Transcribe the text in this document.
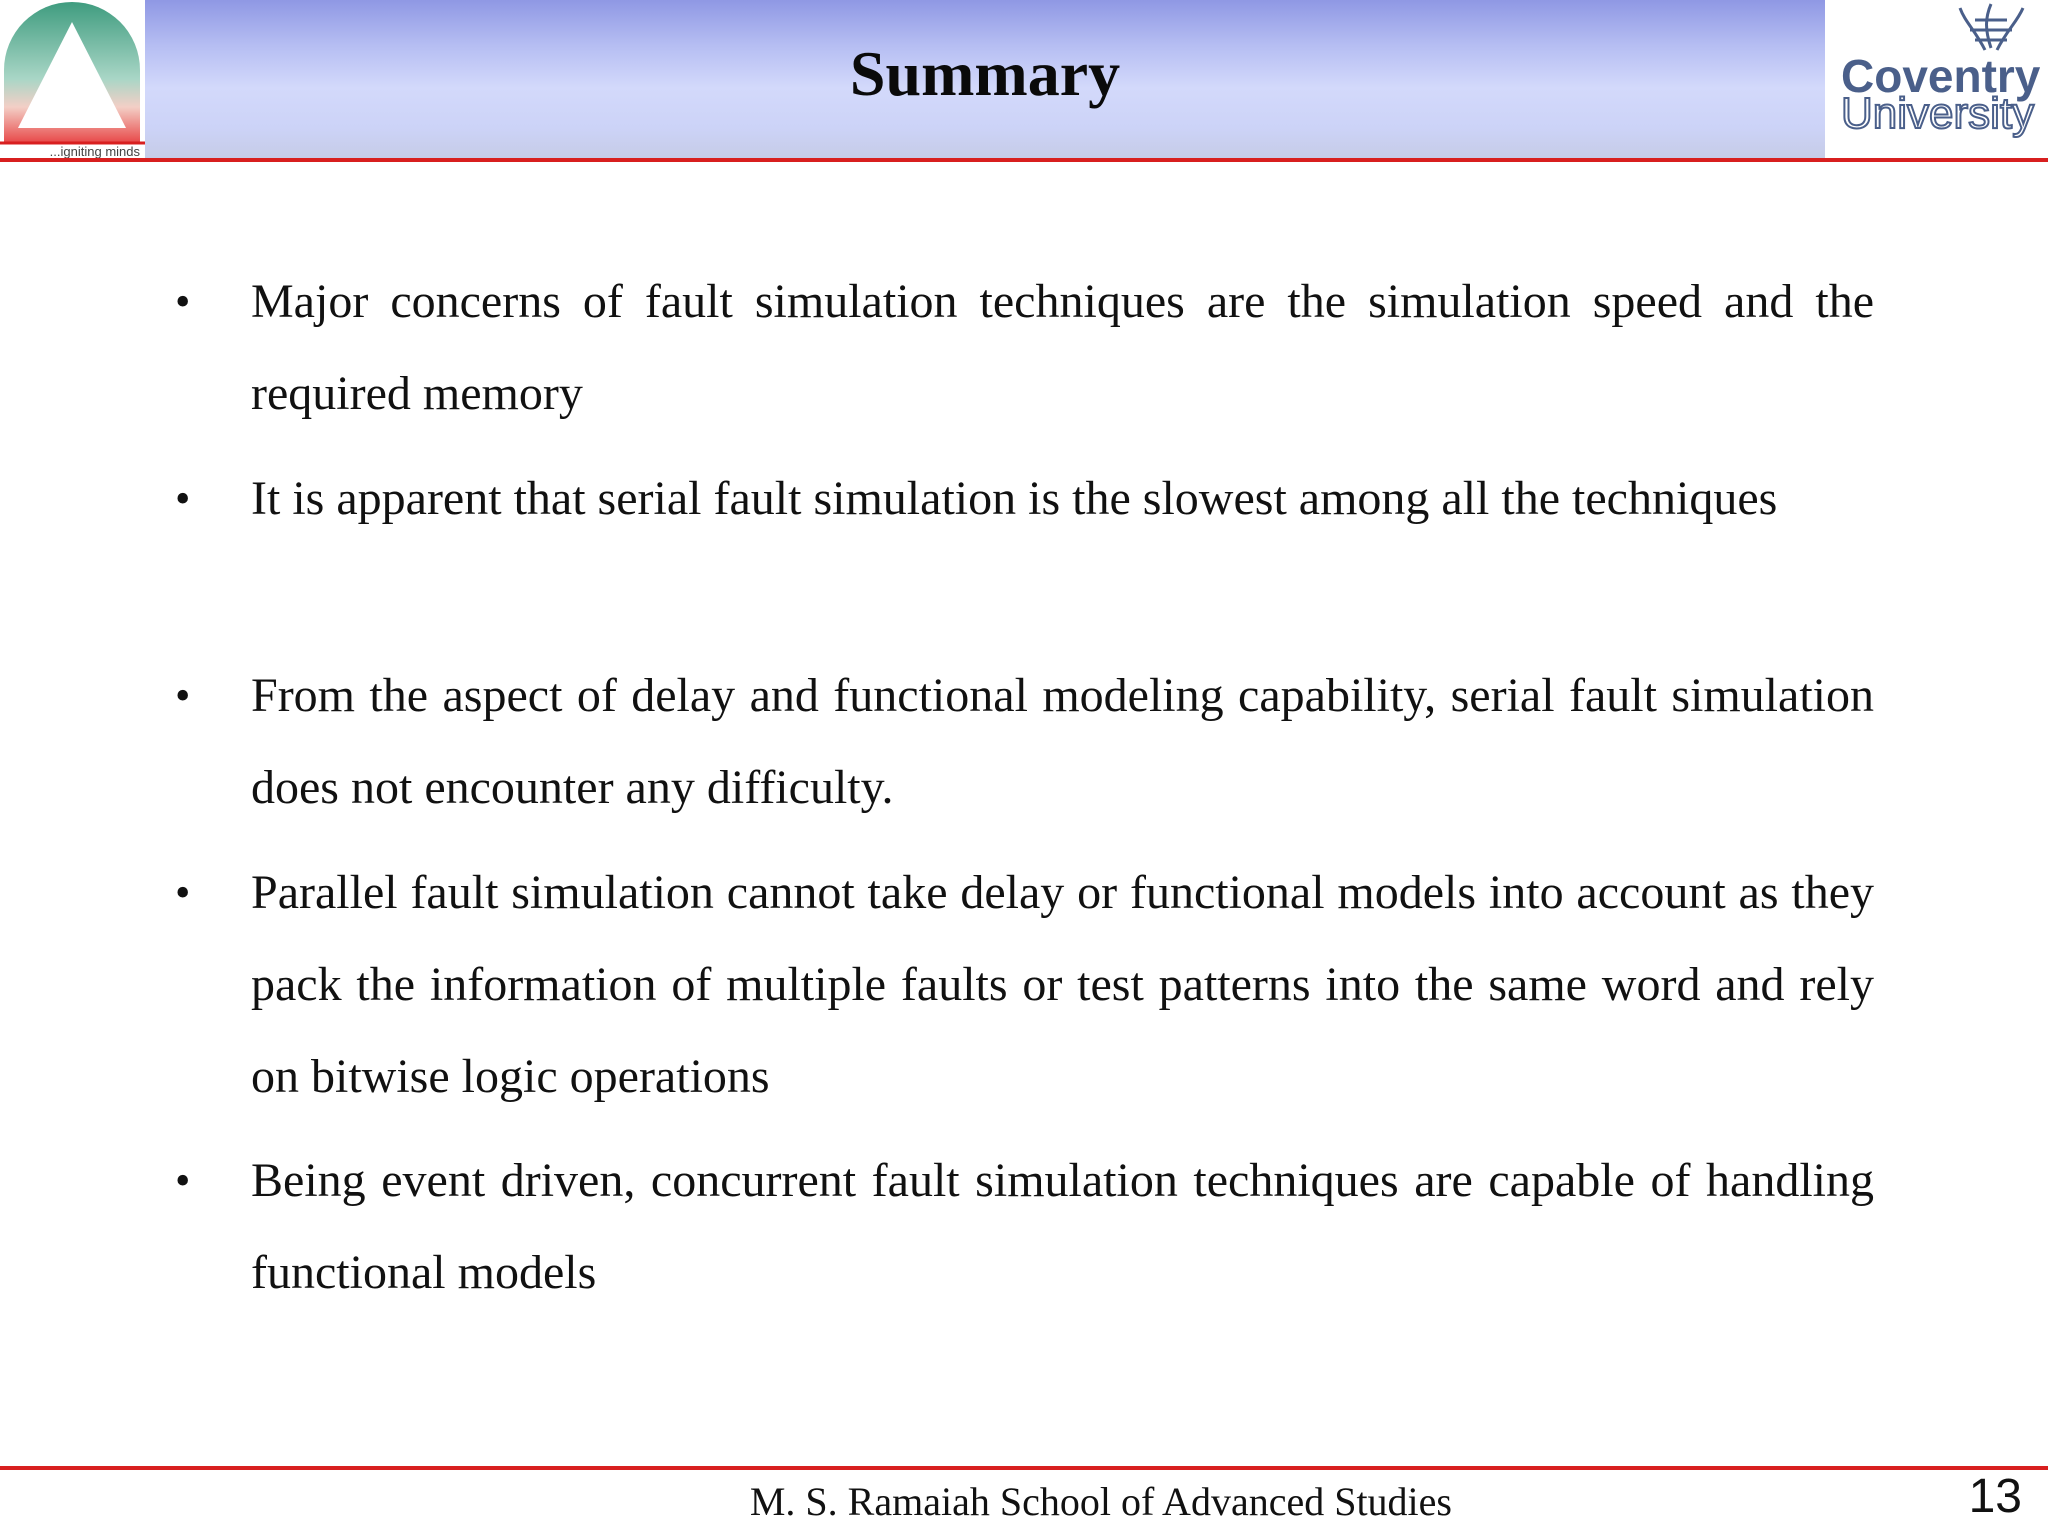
...igniting minds
Coventry
University
Summary
• Major concerns of fault simulation techniques are the simulation speed and the required memory
• It is apparent that serial fault simulation is the slowest among all the techniques
• From the aspect of delay and functional modeling capability, serial fault simulation does not encounter any difficulty.
• Parallel fault simulation cannot take delay or functional models into account as they pack the information of multiple faults or test patterns into the same word and rely on bitwise logic operations
• Being event driven, concurrent fault simulation techniques are capable of handling functional models
M. S. Ramaiah School of Advanced Studies	13
